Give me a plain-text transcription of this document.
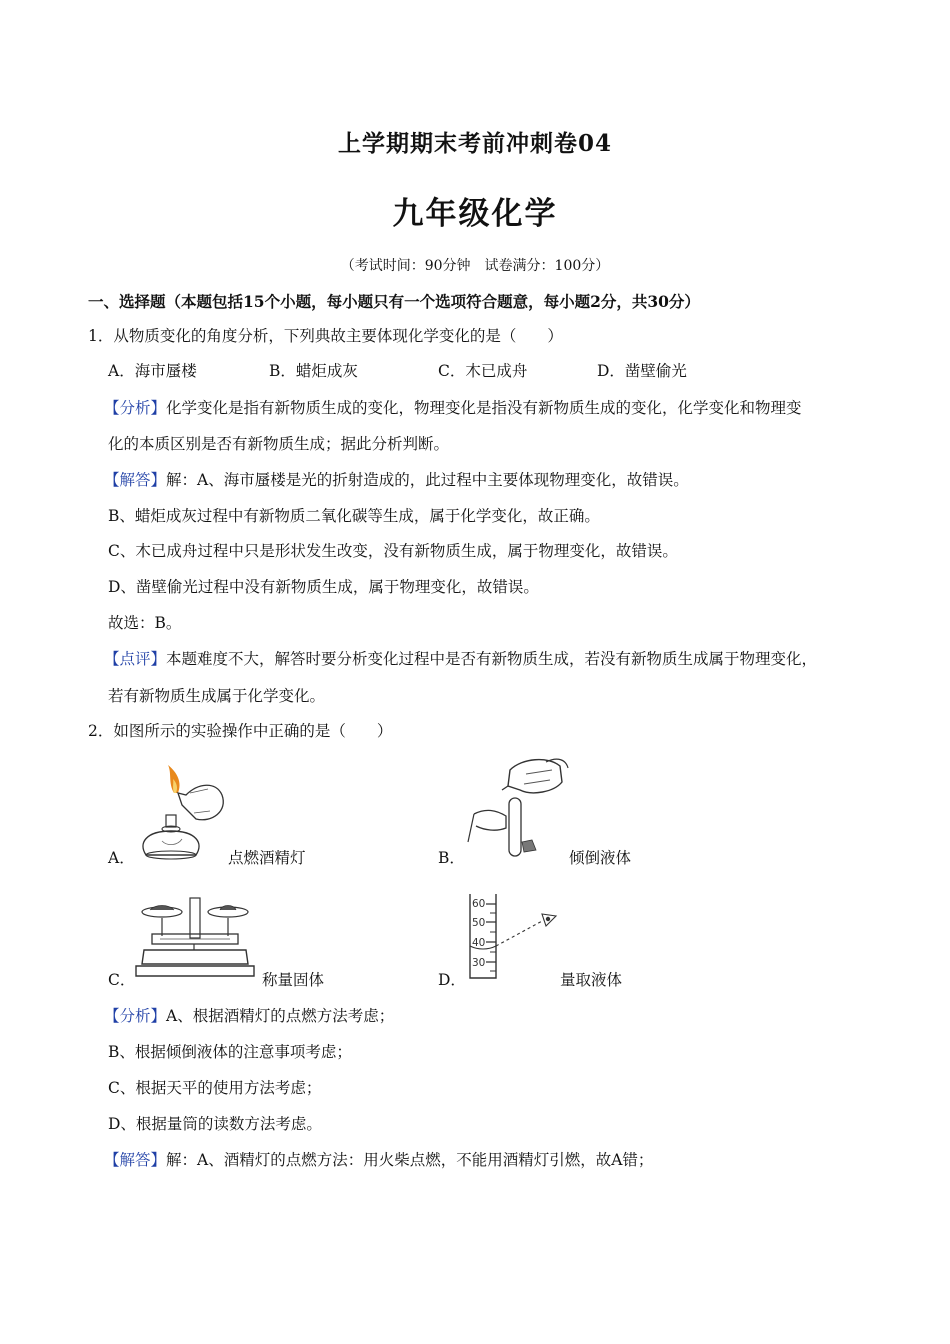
上学期期末考前冲刺卷04
九年级化学
（考试时间：90分钟　试卷满分：100分）
一、选择题（本题包括15个小题，每小题只有一个选项符合题意，每小题2分，共30分）
1．从物质变化的角度分析，下列典故主要体现化学变化的是（　　）
A．海市蜃楼	B．蜡炬成灰	C．木已成舟	D．凿壁偷光
【分析】化学变化是指有新物质生成的变化，物理变化是指没有新物质生成的变化，化学变化和物理变
化的本质区别是否有新物质生成；据此分析判断。
【解答】解：A、海市蜃楼是光的折射造成的，此过程中主要体现物理变化，故错误。
B、蜡炬成灰过程中有新物质二氧化碳等生成，属于化学变化，故正确。
C、木已成舟过程中只是形状发生改变，没有新物质生成，属于物理变化，故错误。
D、凿壁偷光过程中没有新物质生成，属于物理变化，故错误。
故选：B。
【点评】本题难度不大，解答时要分析变化过程中是否有新物质生成，若没有新物质生成属于物理变化，
若有新物质生成属于化学变化。
2．如图所示的实验操作中正确的是（　　）
A．	点燃酒精灯	B．	倾倒液体
C．	称量固体	D．
60
50
40
30
量取液体
【分析】A、根据酒精灯的点燃方法考虑；
B、根据倾倒液体的注意事项考虑；
C、根据天平的使用方法考虑；
D、根据量筒的读数方法考虑。
【解答】解：A、酒精灯的点燃方法：用火柴点燃，不能用酒精灯引燃，故A错；
